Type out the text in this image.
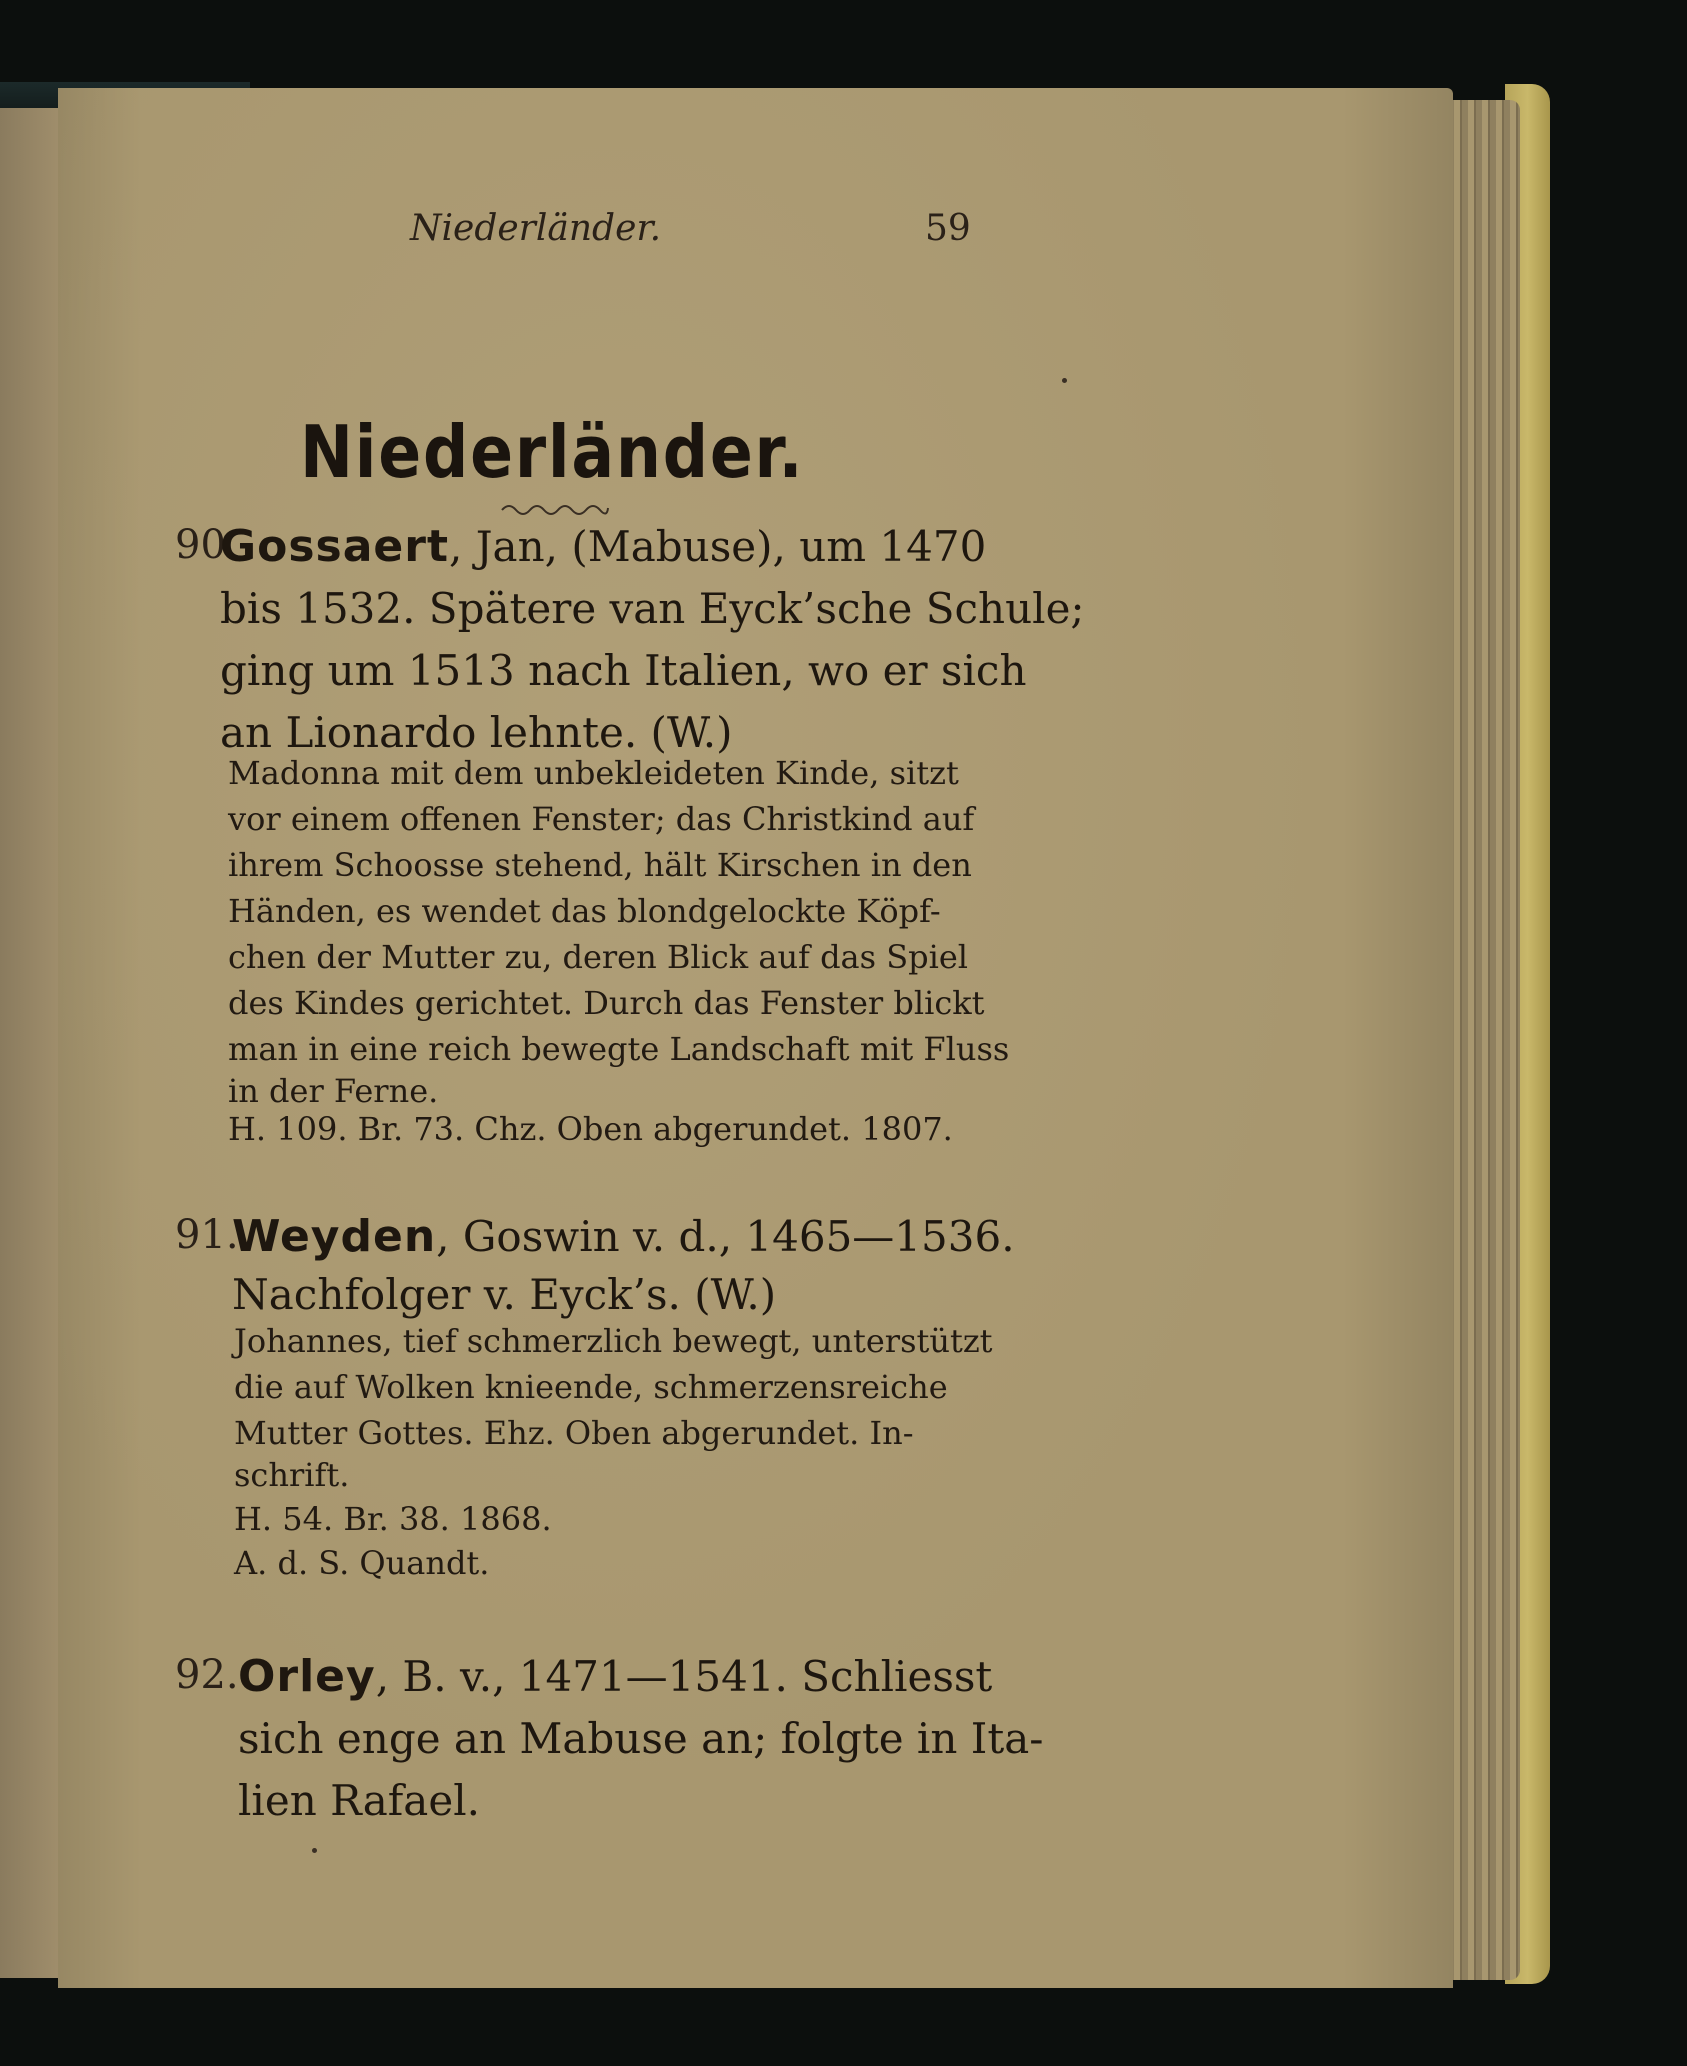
Niederländer.	59
Niederländer.
90.
Gossaert, Jan, (Mabuse), um 1470
bis 1532. Spätere van Eyck’sche Schule;
ging um 1513 nach Italien, wo er sich
an Lionardo lehnte. (W.)
Madonna mit dem unbekleideten Kinde, sitzt
vor einem offenen Fenster; das Christkind auf
ihrem Schoosse stehend, hält Kirschen in den
Händen, es wendet das blondgelockte Köpf-
chen der Mutter zu, deren Blick auf das Spiel
des Kindes gerichtet. Durch das Fenster blickt
man in eine reich bewegte Landschaft mit Fluss
in der Ferne.
H. 109. Br. 73. Chz. Oben abgerundet. 1807.
91.
Weyden, Goswin v. d., 1465—1536.
Nachfolger v. Eyck’s. (W.)
Johannes, tief schmerzlich bewegt, unterstützt
die auf Wolken knieende, schmerzensreiche
Mutter Gottes. Ehz. Oben abgerundet. In-
schrift.
H. 54. Br. 38. 1868.
A. d. S. Quandt.
92. Orley, B. v., 1471—1541. Schliesst
sich enge an Mabuse an; folgte in Ita-
lien Rafael.
